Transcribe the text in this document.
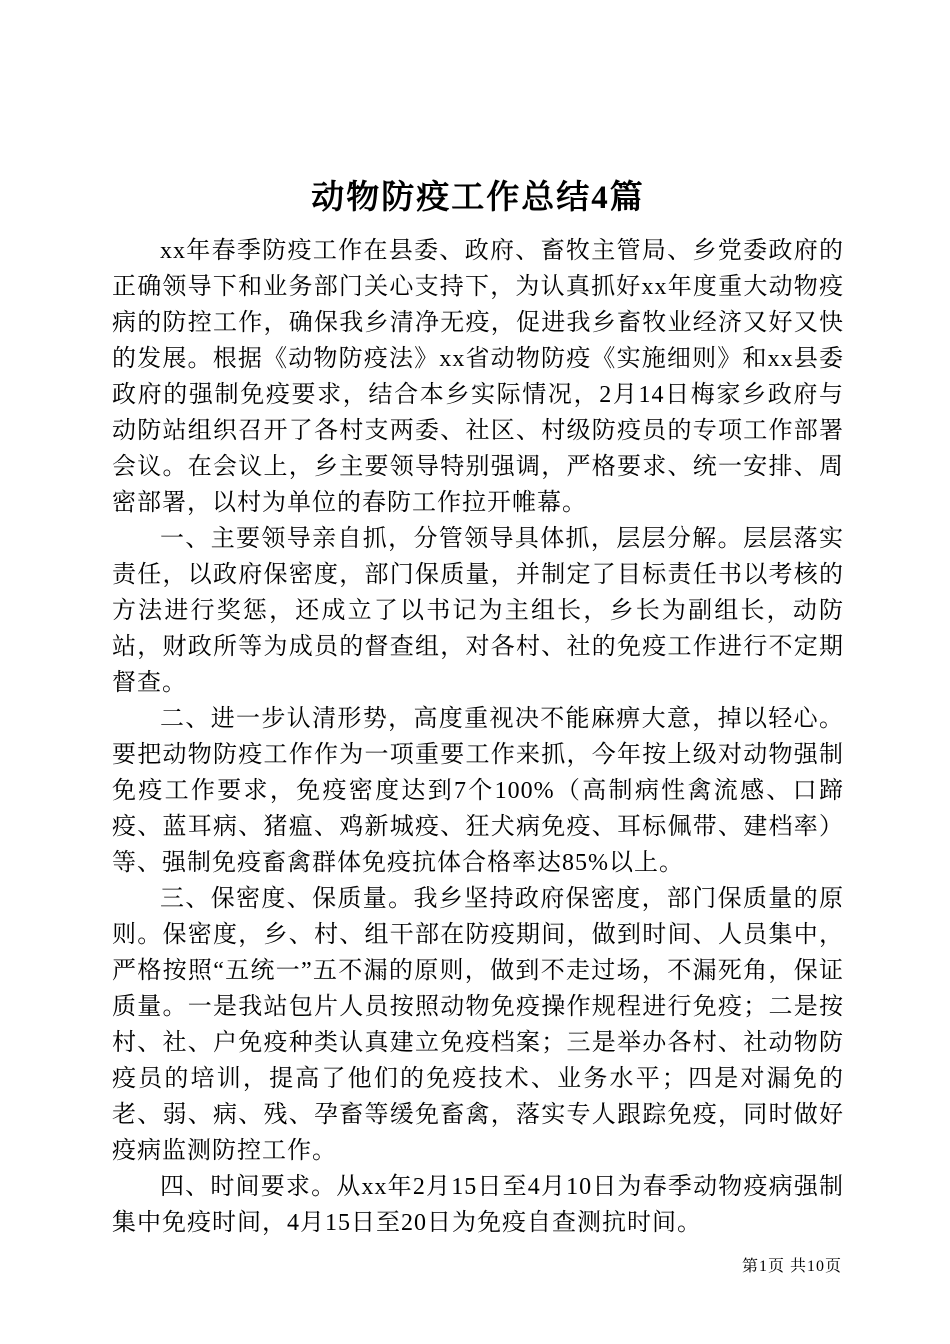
动物防疫工作总结4篇

xx年春季防疫工作在县委、政府、畜牧主管局、乡党委政府的正确领导下和业务部门关心支持下，为认真抓好xx年度重大动物疫病的防控工作，确保我乡清净无疫，促进我乡畜牧业经济又好又快的发展。根据《动物防疫法》xx省动物防疫《实施细则》和xx县委政府的强制免疫要求，结合本乡实际情况，2月14日梅家乡政府与动防站组织召开了各村支两委、社区、村级防疫员的专项工作部署会议。在会议上，乡主要领导特别强调，严格要求、统一安排、周密部署，以村为单位的春防工作拉开帷幕。

一、主要领导亲自抓，分管领导具体抓，层层分解。层层落实责任，以政府保密度，部门保质量，并制定了目标责任书以考核的方法进行奖惩，还成立了以书记为主组长，乡长为副组长，动防站，财政所等为成员的督查组，对各村、社的免疫工作进行不定期督查。

二、进一步认清形势，高度重视决不能麻痹大意，掉以轻心。要把动物防疫工作作为一项重要工作来抓，今年按上级对动物强制免疫工作要求，免疫密度达到7个100%（高制病性禽流感、口蹄疫、蓝耳病、猪瘟、鸡新城疫、狂犬病免疫、耳标佩带、建档率）等、强制免疫畜禽群体免疫抗体合格率达85%以上。

三、保密度、保质量。我乡坚持政府保密度，部门保质量的原则。保密度，乡、村、组干部在防疫期间，做到时间、人员集中，严格按照“五统一”五不漏的原则，做到不走过场，不漏死角，保证质量。一是我站包片人员按照动物免疫操作规程进行免疫；二是按村、社、户免疫种类认真建立免疫档案；三是举办各村、社动物防疫员的培训，提高了他们的免疫技术、业务水平；四是对漏免的老、弱、病、残、孕畜等缓免畜禽，落实专人跟踪免疫，同时做好疫病监测防控工作。

四、时间要求。从xx年2月15日至4月10日为春季动物疫病强制集中免疫时间，4月15日至20日为免疫自查测抗时间。

第1页 共10页
